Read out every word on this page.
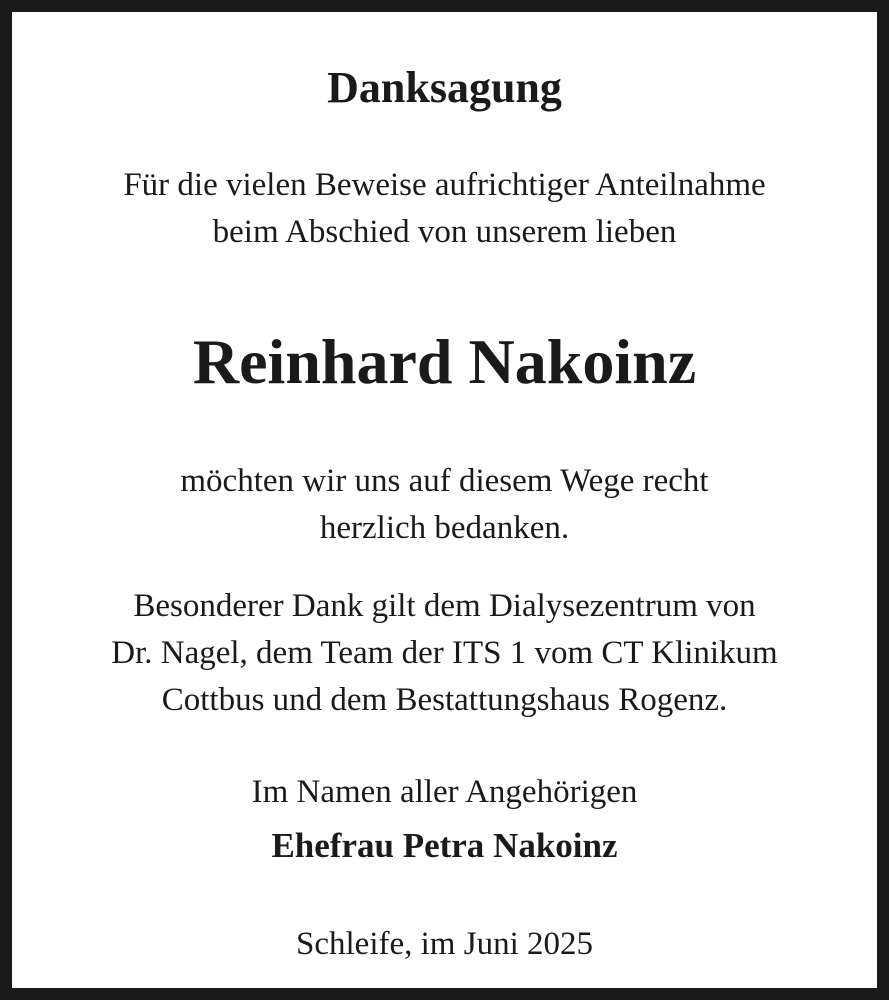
Danksagung
Für die vielen Beweise aufrichtiger Anteilnahme
beim Abschied von unserem lieben
Reinhard Nakoinz
möchten wir uns auf diesem Wege recht
herzlich bedanken.
Besonderer Dank gilt dem Dialysezentrum von
Dr. Nagel, dem Team der ITS 1 vom CT Klinikum
Cottbus und dem Bestattungshaus Rogenz.
Im Namen aller Angehörigen
Ehefrau Petra Nakoinz
Schleife, im Juni 2025
